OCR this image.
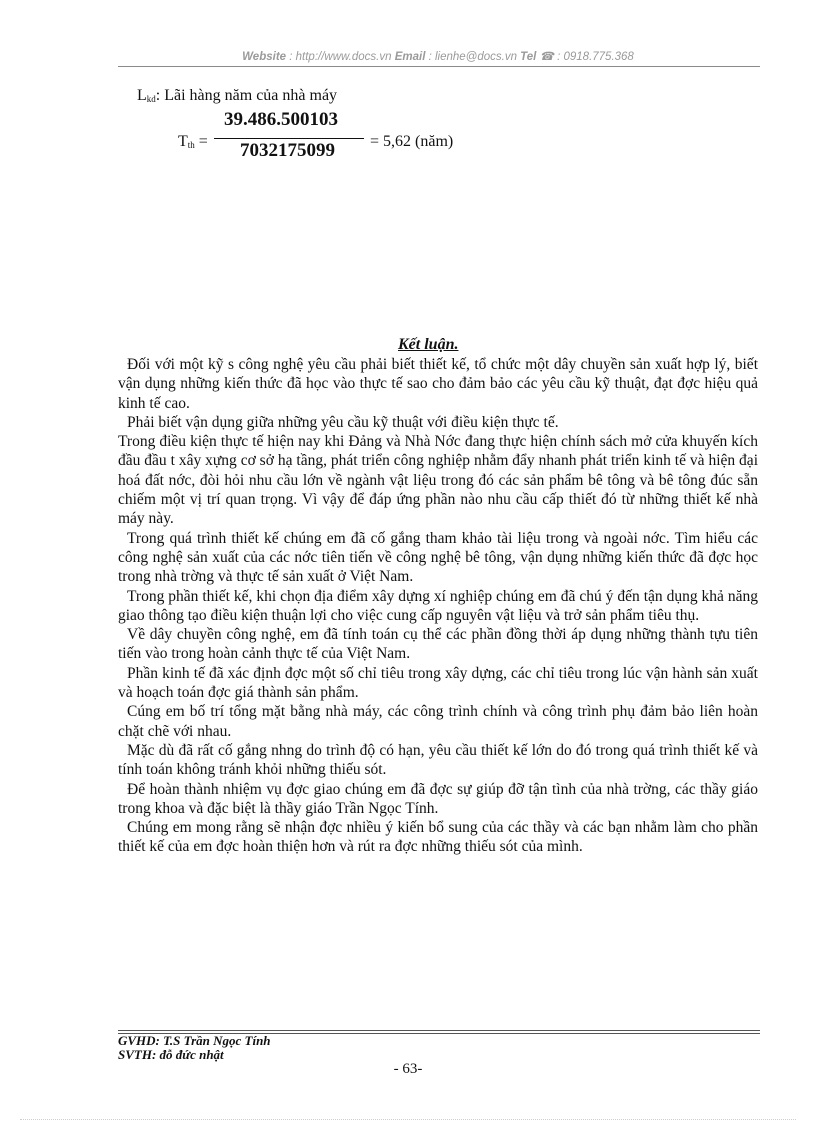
Website : http://www.docs.vn Email : lienhe@docs.vn Tel ☎ : 0918.775.368
$L_{kd}$: Lãi hàng năm của nhà máy
39.486.500103
7032175099
$T_{th}$ =	= 5,62 (năm)
Kết luận.

Đối với một kỹ s công nghệ yêu cầu phải biết thiết kế, tổ chức một dây chuyền sản xuất hợp lý, biết vận dụng những kiến thức đã học vào thực tế sao cho đảm bảo các yêu cầu kỹ thuật, đạt đợc hiệu quả kinh tế cao.

Phải biết vận dụng giữa những yêu cầu kỹ thuật với điều kiện thực tế.

Trong điều kiện thực tế hiện nay khi Đảng và Nhà Nớc đang thực hiện chính sách mở cửa khuyến kích đầu đầu t xây xựng cơ sở hạ tầng, phát triển công nghiệp nhằm đẩy nhanh phát triển kinh tế và hiện đại hoá đất nớc, đòi hỏi nhu cầu lớn về ngành vật liệu trong đó các sản phẩm bê tông và bê tông đúc sẵn chiếm một vị trí quan trọng. Vì vậy để đáp ứng phần nào nhu cầu cấp thiết đó từ những thiết kế nhà máy này.

Trong quá trình thiết kế chúng em đã cố gắng tham khảo tài liệu trong và ngoài nớc. Tìm hiểu các công nghệ sản xuất của các nớc tiên tiến về công nghệ bê tông, vận dụng những kiến thức đã đợc học trong nhà trờng và thực tế sản xuất ở Việt Nam.

Trong phần thiết kế, khi chọn địa điểm xây dựng xí nghiệp chúng em đã chú ý đến tận dụng khả năng giao thông tạo điều kiện thuận lợi cho việc cung cấp nguyên vật liệu và trở sản phẩm tiêu thụ.

Về dây chuyền công nghệ, em đã tính toán cụ thể các phần đồng thời áp dụng những thành tựu tiên tiến vào trong hoàn cảnh thực tế của Việt Nam.

Phần kinh tế đã xác định đợc một số chỉ tiêu trong xây dựng, các chỉ tiêu trong lúc vận hành sản xuất và hoạch toán đợc giá thành sản phẩm.

Cúng em bố trí tổng mặt bằng nhà máy, các công trình chính và công trình phụ đảm bảo liên hoàn chặt chẽ với nhau.

Mặc dù đã rất cố gắng nhng do trình độ có hạn, yêu cầu thiết kế lớn do đó trong quá trình thiết kế và tính toán không tránh khỏi những thiếu sót.

Để hoàn thành nhiệm vụ đợc giao chúng em đã đợc sự giúp đỡ tận tình của nhà trờng, các thầy giáo trong khoa và đặc biệt là thầy giáo Trần Ngọc Tính.

Chúng em mong rằng sẽ nhận đợc nhiều ý kiến bổ sung của các thầy và các bạn nhằm làm cho phần thiết kế của em đợc hoàn thiện hơn và rút ra đợc những thiếu sót của mình.

GVHD: T.S Trần Ngọc Tính
SVTH: đỗ đức nhật
- 63-
